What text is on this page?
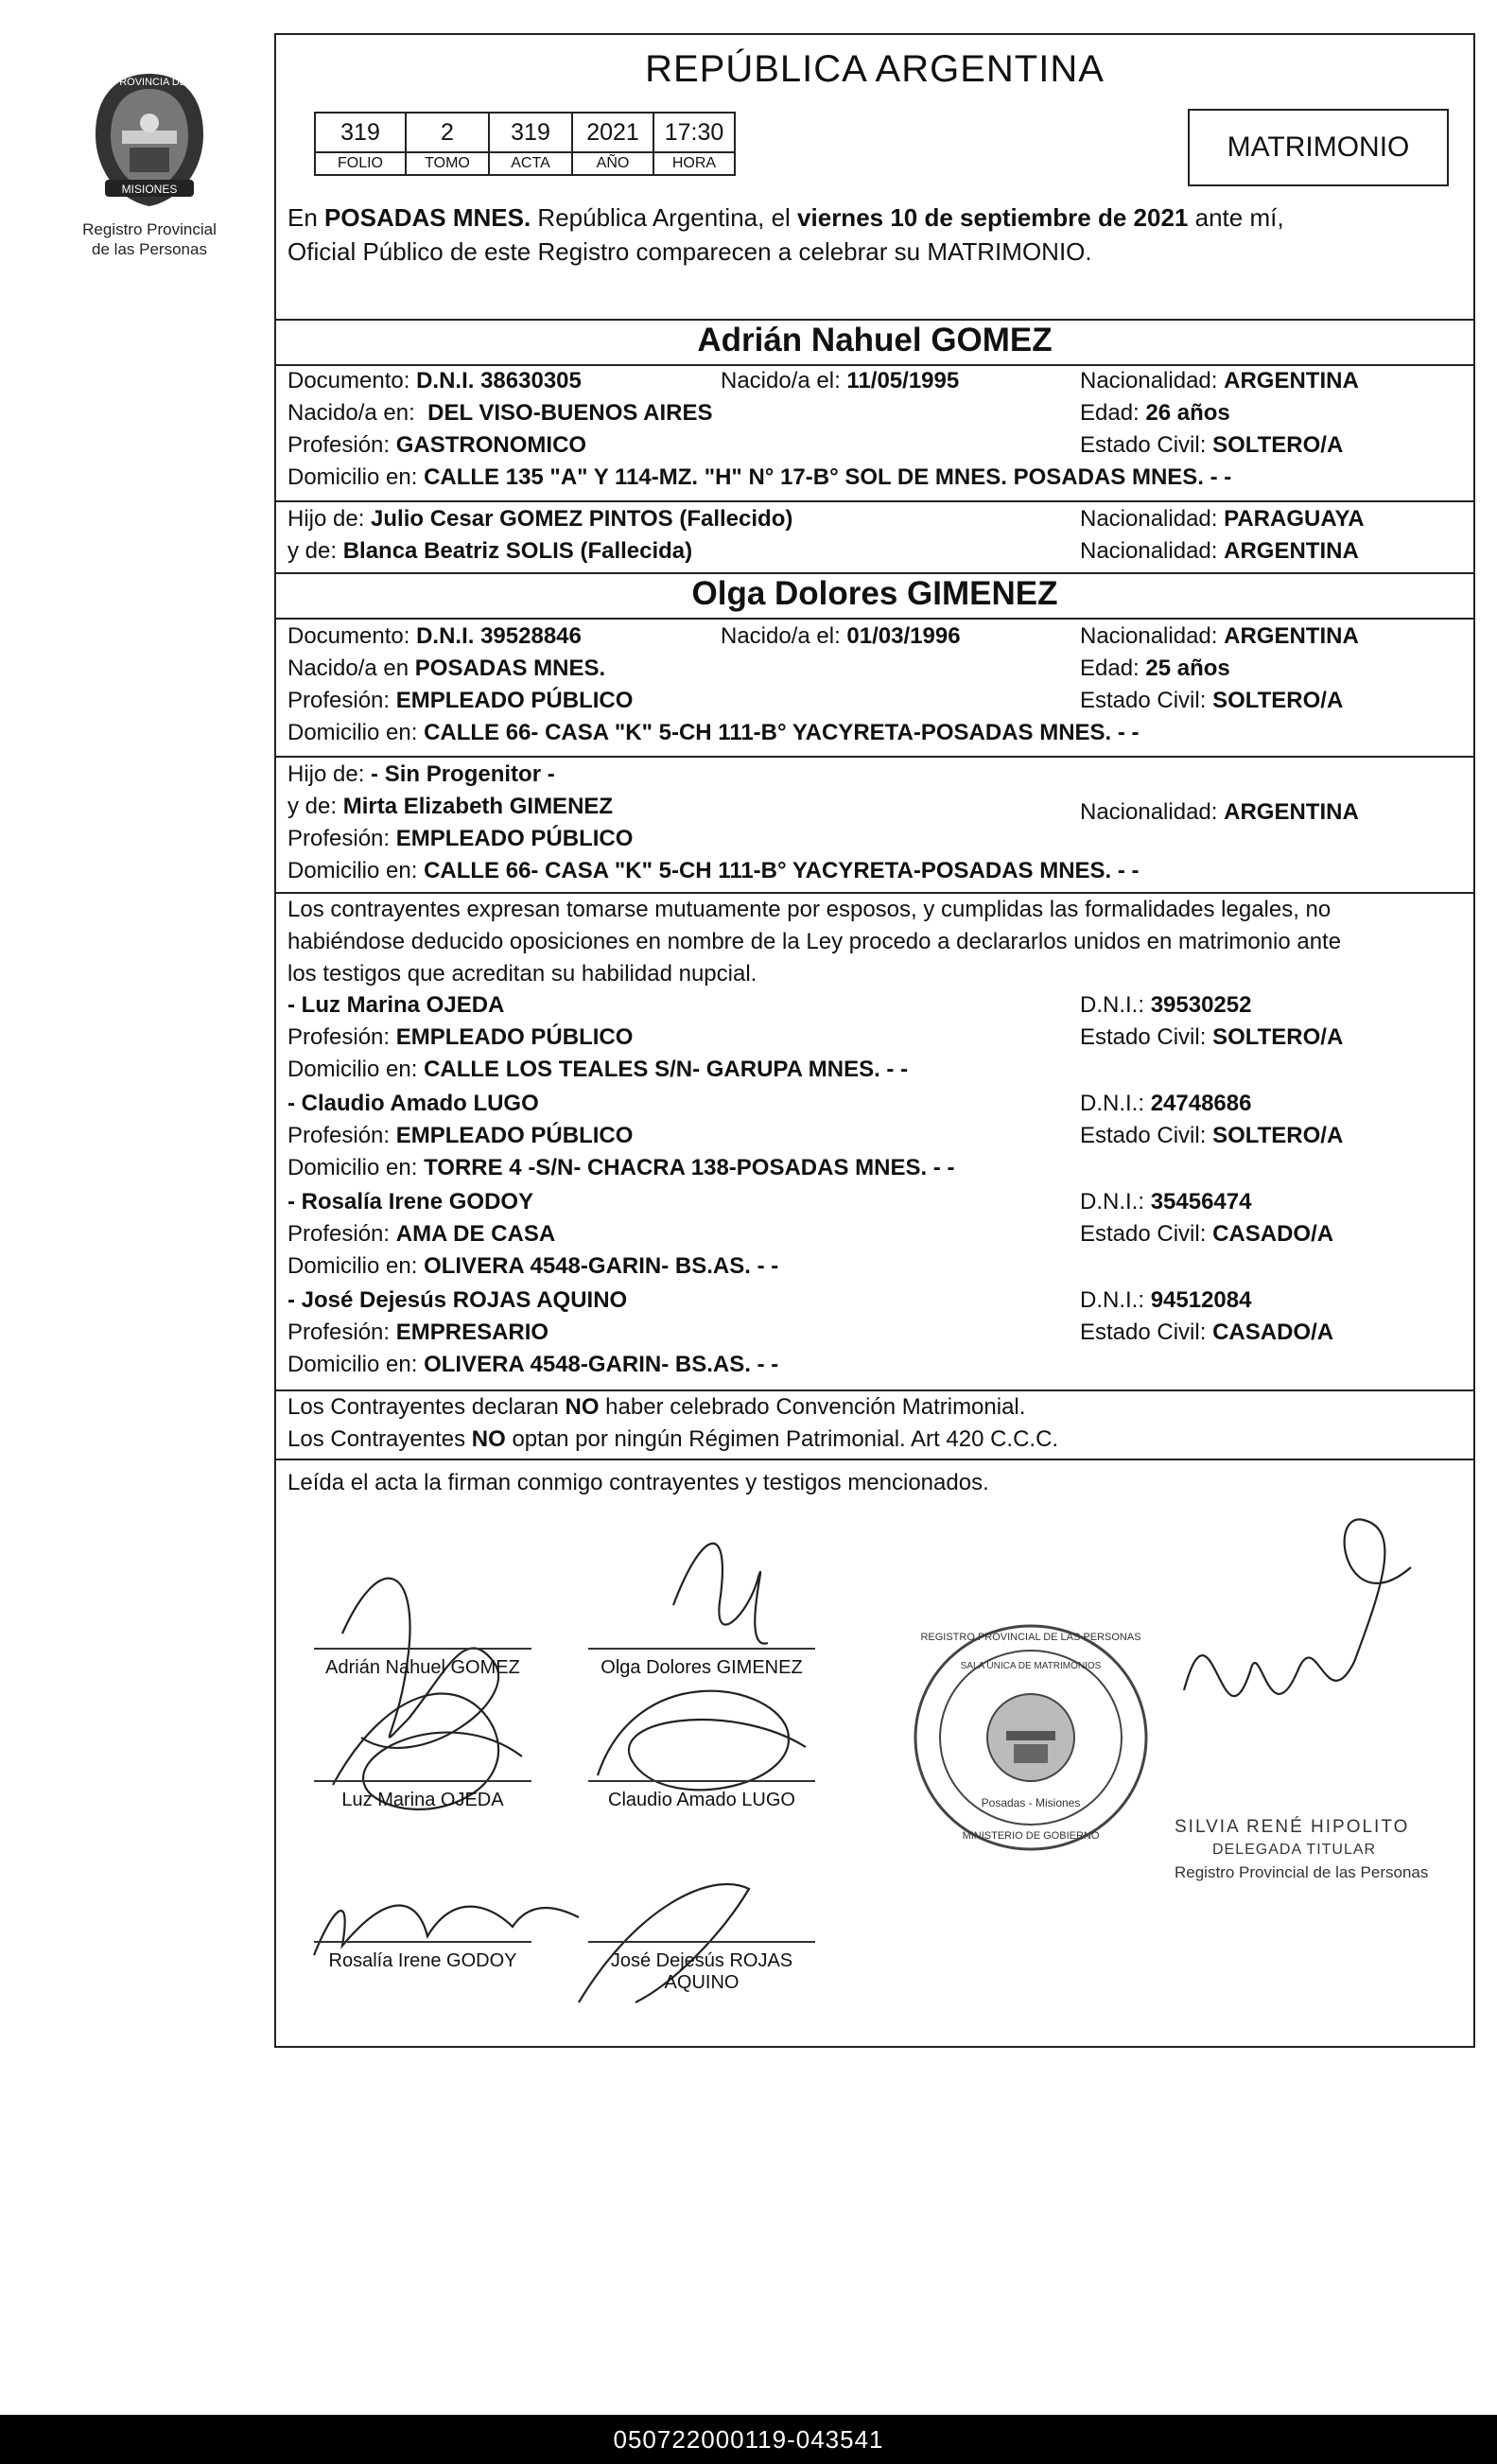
PROVINCIA DE
MISIONES
Registro Provincial
de las Personas
REPÚBLICA ARGENTINA
319	2	319	2021	17:30
FOLIO	TOMO	ACTA	AÑO	HORA
MATRIMONIO
En POSADAS MNES. República Argentina, el viernes 10 de septiembre de 2021 ante mí,
Oficial Público de este Registro comparecen a celebrar su MATRIMONIO.
Adrián Nahuel GOMEZ
Documento: D.N.I. 38630305	Nacido/a el: 11/05/1995	Nacionalidad: ARGENTINA
Nacido/a en: DEL VISO-BUENOS AIRES	Edad: 26 años
Profesión: GASTRONOMICO	Estado Civil: SOLTERO/A
Domicilio en: CALLE 135 "A" Y 114-MZ. "H" N° 17-B° SOL DE MNES. POSADAS MNES. - -
Hijo de: Julio Cesar GOMEZ PINTOS (Fallecido)	Nacionalidad: PARAGUAYA
y de: Blanca Beatriz SOLIS (Fallecida)	Nacionalidad: ARGENTINA
Olga Dolores GIMENEZ
Documento: D.N.I. 39528846	Nacido/a el: 01/03/1996	Nacionalidad: ARGENTINA
Nacido/a en POSADAS MNES.	Edad: 25 años
Profesión: EMPLEADO PÚBLICO	Estado Civil: SOLTERO/A
Domicilio en: CALLE 66- CASA "K" 5-CH 111-B° YACYRETA-POSADAS MNES. - -
Hijo de: - Sin Progenitor -
y de: Mirta Elizabeth GIMENEZ	Nacionalidad: ARGENTINA
Profesión: EMPLEADO PÚBLICO
Domicilio en: CALLE 66- CASA "K" 5-CH 111-B° YACYRETA-POSADAS MNES. - -
Los contrayentes expresan tomarse mutuamente por esposos, y cumplidas las formalidades legales, no
habiéndose deducido oposiciones en nombre de la Ley procedo a declararlos unidos en matrimonio ante
los testigos que acreditan su habilidad nupcial.
- Luz Marina OJEDA	D.N.I.: 39530252
Profesión: EMPLEADO PÚBLICO	Estado Civil: SOLTERO/A
Domicilio en: CALLE LOS TEALES S/N- GARUPA MNES. - -
- Claudio Amado LUGO	D.N.I.: 24748686
Profesión: EMPLEADO PÚBLICO	Estado Civil: SOLTERO/A
Domicilio en: TORRE 4 -S/N- CHACRA 138-POSADAS MNES. - -
- Rosalía Irene GODOY	D.N.I.: 35456474
Profesión: AMA DE CASA	Estado Civil: CASADO/A
Domicilio en: OLIVERA 4548-GARIN- BS.AS. - -
- José Dejesús ROJAS AQUINO	D.N.I.: 94512084
Profesión: EMPRESARIO	Estado Civil: CASADO/A
Domicilio en: OLIVERA 4548-GARIN- BS.AS. - -
Los Contrayentes declaran NO haber celebrado Convención Matrimonial.
Los Contrayentes NO optan por ningún Régimen Patrimonial. Art 420 C.C.C.
Leída el acta la firman conmigo contrayentes y testigos mencionados.
Adrián Nahuel GOMEZ	Olga Dolores GIMENEZ
Luz Marina OJEDA	Claudio Amado LUGO
Rosalía Irene GODOY	José Dejesús ROJAS
AQUINO
REGISTRO PROVINCIAL DE LAS PERSONAS
SALA ÚNICA DE MATRIMONIOS
Posadas - Misiones
MINISTERIO DE GOBIERNO	SILVIA RENÉ HIPOLITO
DELEGADA TITULAR
Registro Provincial de las Personas
050722000119-043541
